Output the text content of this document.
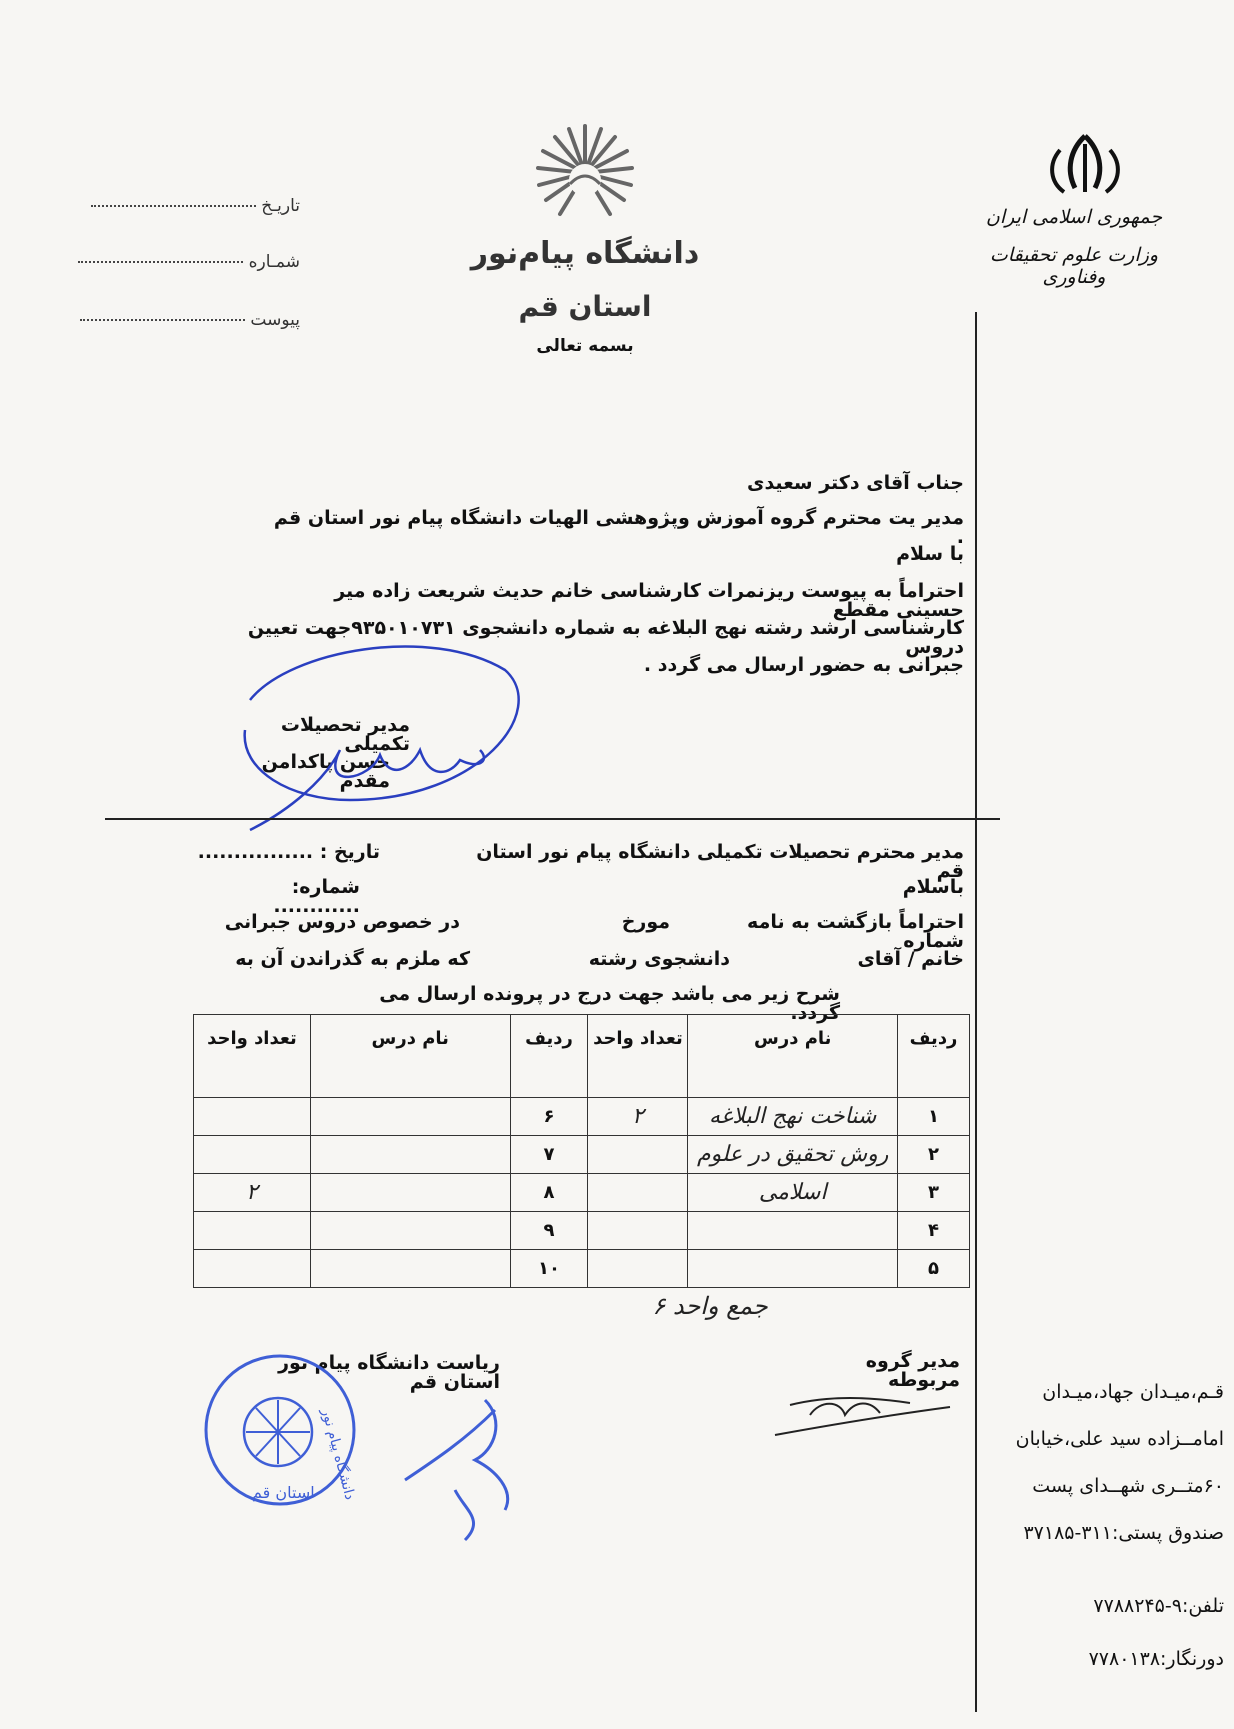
جمهوری اسلامی ایران
وزارت علوم تحقیقات وفناوری
دانشگاه پیام‌نور
استان قم
بسمه تعالی
تاریـخ
شمـاره
پیوست
جناب آقای دکتر سعیدی
مدیر یت محترم گروه آموزش وپژوهشی الهیات دانشگاه پیام نور استان قم .
با سلام
احتراماً به پیوست ریزنمرات کارشناسی خانم حدیث شریعت زاده میر حسینی مقطع
کارشناسی ارشد رشته نهج البلاغه به شماره دانشجوی ۹۳۵۰۱۰۷۳۱جهت تعیین دروس
جبرانی به حضور ارسال می گردد .
مدیر تحصیلات تکمیلی
حسن پاکدامن مقدم
مدیر محترم تحصیلات تکمیلی دانشگاه پیام نور استان قم
تاریخ : ................
شماره: ............
باسلام
احتراماً بازگشت به نامه شماره
مورخ
در خصوص دروس جبرانی
خانم / آقای
دانشجوی رشته
که ملزم به گذراندن آن به
شرح زیر می باشد جهت درج در پرونده ارسال می گردد.
ردیف	نام درس	تعداد واحد	ردیف	نام درس	تعداد واحد
۱	شناخت نهج البلاغه	۲	۶		
۲	روش تحقیق در علوم		۷		
۳	اسلامی		۸		۲
۴			۹		
۵			۱۰		
جمع واحد ۶
مدیر گروه مربوطه
ریاست دانشگاه پیام نور استان قم
دانشگاه پیام نور
استان قم
قـم،میـدان جهاد،میـدان
امامــزاده سید علی،خیابان
۶۰متــری شهــدای پست
صندوق پستی:۳۱۱-۳۷۱۸۵
تلفن:۹-۷۷۸۸۲۴۵
دورنگار:۷۷۸۰۱۳۸
